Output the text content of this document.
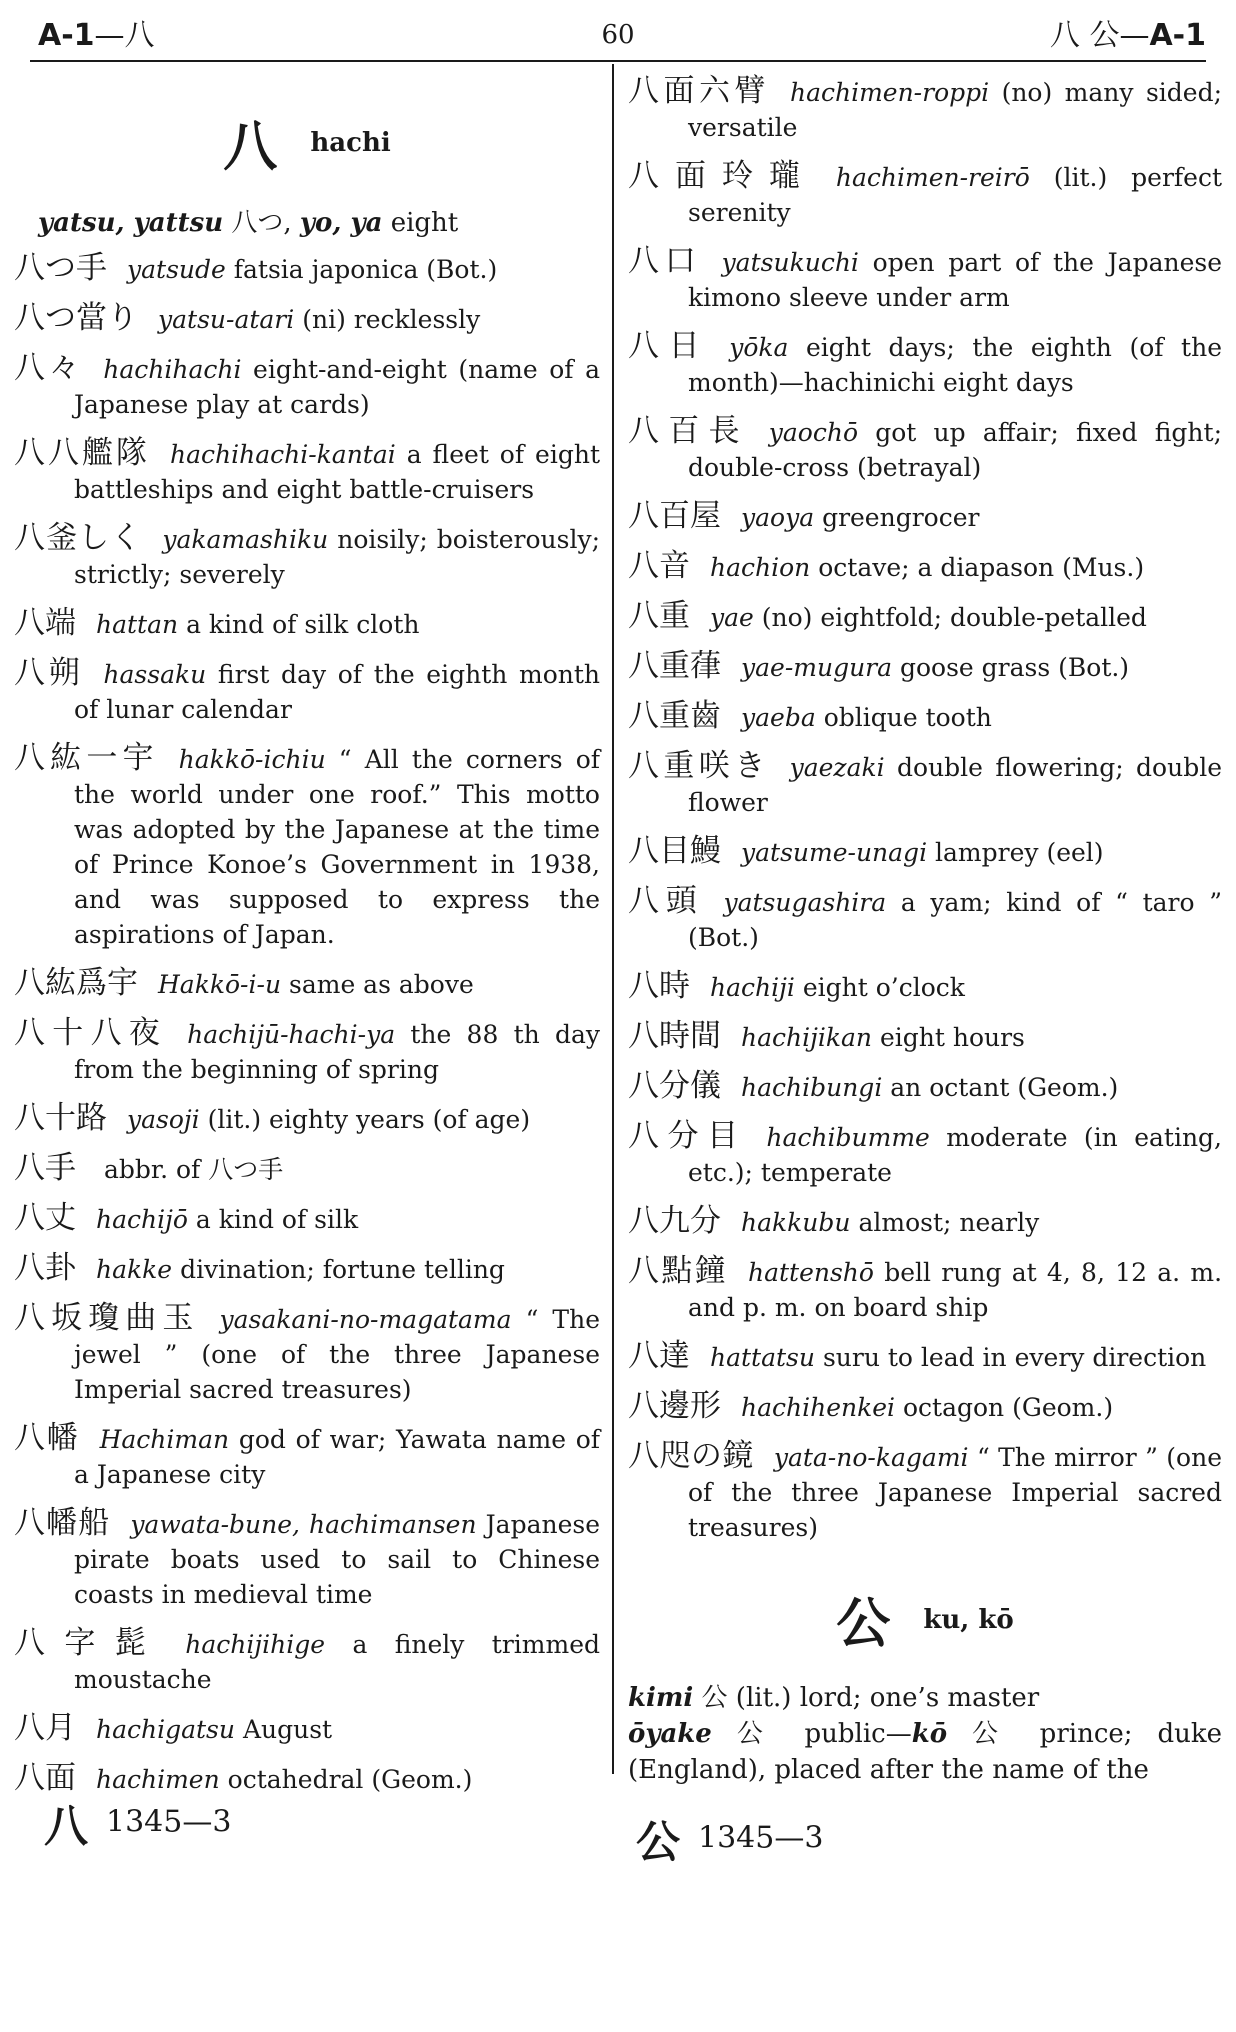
A-1—八	60	八 公—A-1
八 hachi
yatsu, yattsu 八つ, yo, ya eight
八つ手 yatsude fatsia japonica (Bot.)
八つ當り yatsu-atari (ni) recklessly
八々 hachihachi eight-and-eight (name of a Japanese play at cards)
八八艦隊 hachihachi-kantai a fleet of eight battleships and eight battle-cruisers
八釜しく yakamashiku noisily; boisterously; strictly; severely
八端 hattan a kind of silk cloth
八朔 hassaku first day of the eighth month of lunar calendar
八紘一宇 hakkō-ichiu “ All the corners of the world under one roof.” This motto was adopted by the Japanese at the time of Prince Konoe’s Government in 1938, and was supposed to express the aspirations of Japan.
八紘爲宇 Hakkō-i-u same as above
八十八夜 hachijū-hachi-ya the 88 th day from the beginning of spring
八十路 yasoji (lit.) eighty years (of age)
八手 abbr. of 八つ手
八丈 hachijō a kind of silk
八卦 hakke divination; fortune telling
八坂瓊曲玉 yasakani-no-magatama “ The jewel ” (one of the three Japanese Imperial sacred treasures)
八幡 Hachiman god of war; Yawata name of a Japanese city
八幡船 yawata-bune, hachimansen Japanese pirate boats used to sail to Chinese coasts in medieval time
八字髭 hachijihige a finely trimmed moustache
八月 hachigatsu August
八面 hachimen octahedral (Geom.)
八面六臂 hachimen-roppi (no) many sided; versatile
八面玲瓏 hachimen-reirō (lit.) perfect serenity
八口 yatsukuchi open part of the Japanese kimono sleeve under arm
八日 yōka eight days; the eighth (of the month)—hachinichi eight days
八百長 yaochō got up affair; fixed fight; double-cross (betrayal)
八百屋 yaoya greengrocer
八音 hachion octave; a diapason (Mus.)
八重 yae (no) eightfold; double-petalled
八重葎 yae-mugura goose grass (Bot.)
八重齒 yaeba oblique tooth
八重咲き yaezaki double flowering; double flower
八目鰻 yatsume-unagi lamprey (eel)
八頭 yatsugashira a yam; kind of “ taro ” (Bot.)
八時 hachiji eight o’clock
八時間 hachijikan eight hours
八分儀 hachibungi an octant (Geom.)
八分目 hachibumme moderate (in eating, etc.); temperate
八九分 hakkubu almost; nearly
八點鐘 hattenshō bell rung at 4, 8, 12 a. m. and p. m. on board ship
八達 hattatsu suru to lead in every direction
八邊形 hachihenkei octagon (Geom.)
八咫の鏡 yata-no-kagami “ The mirror ” (one of the three Japanese Imperial sacred treasures)
公 ku, kō
kimi 公 (lit.) lord; one’s master
ōyake 公 public—kō 公 prince; duke (England), placed after the name of the
八 1345—3	公 1345—3
